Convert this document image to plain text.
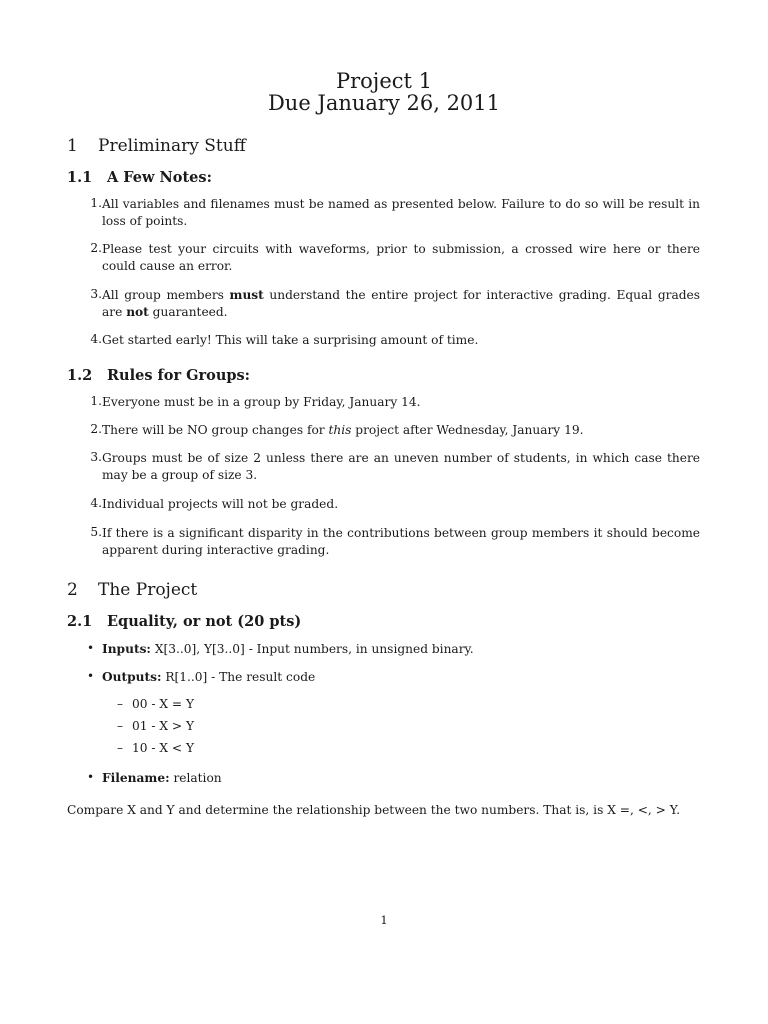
Project 1
Due January 26, 2011
1 Preliminary Stuff
1.1 A Few Notes:
1. All variables and filenames must be named as presented below. Failure to do so will be result in loss of points.
2. Please test your circuits with waveforms, prior to submission, a crossed wire here or there could cause an error.
3. All group members must understand the entire project for interactive grading. Equal grades are not guaranteed.
4. Get started early! This will take a surprising amount of time.
1.2 Rules for Groups:
1. Everyone must be in a group by Friday, January 14.
2. There will be NO group changes for this project after Wednesday, January 19.
3. Groups must be of size 2 unless there are an uneven number of students, in which case there may be a group of size 3.
4. Individual projects will not be graded.
5. If there is a significant disparity in the contributions between group members it should become apparent during interactive grading.
2 The Project
2.1 Equality, or not (20 pts)
• Inputs: X[3..0], Y[3..0] - Input numbers, in unsigned binary.
• Outputs: R[1..0] - The result code
– 00 - X = Y
– 01 - X > Y
– 10 - X < Y
• Filename: relation
Compare X and Y and determine the relationship between the two numbers. That is, is X =, <, > Y.
1
